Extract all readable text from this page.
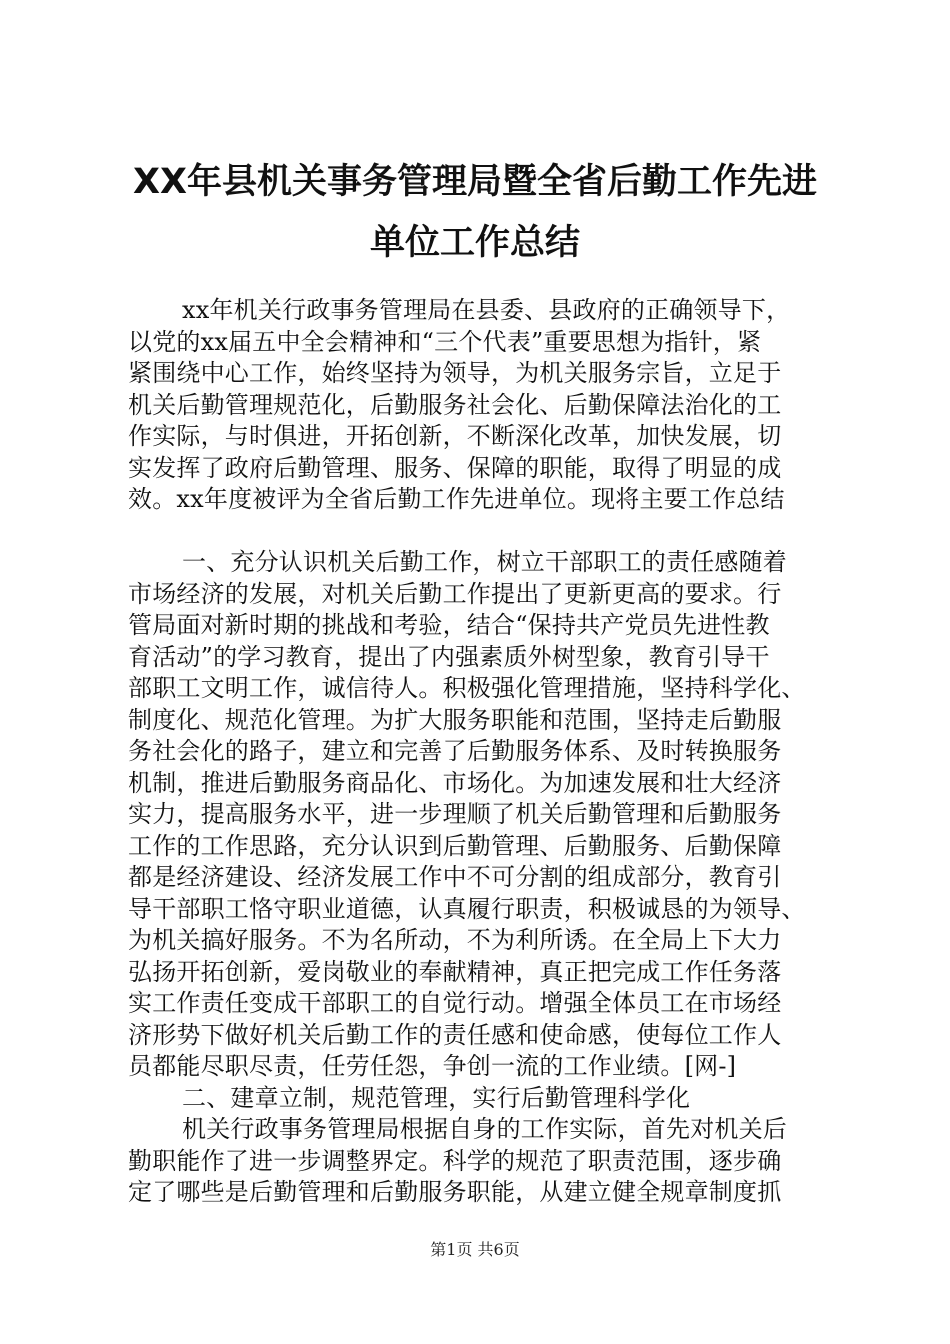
XX年县机关事务管理局暨全省后勤工作先进
单位工作总结
xx年机关行政事务管理局在县委、县政府的正确领导下，
以党的xx届五中全会精神和“三个代表”重要思想为指针，紧
紧围绕中心工作，始终坚持为领导，为机关服务宗旨，立足于
机关后勤管理规范化，后勤服务社会化、后勤保障法治化的工
作实际，与时俱进，开拓创新，不断深化改革，加快发展，切
实发挥了政府后勤管理、服务、保障的职能，取得了明显的成
效。xx年度被评为全省后勤工作先进单位。现将主要工作总结
一、充分认识机关后勤工作，树立干部职工的责任感随着
市场经济的发展，对机关后勤工作提出了更新更高的要求。行
管局面对新时期的挑战和考验，结合“保持共产党员先进性教
育活动”的学习教育，提出了内强素质外树型象，教育引导干
部职工文明工作，诚信待人。积极强化管理措施，坚持科学化、
制度化、规范化管理。为扩大服务职能和范围，坚持走后勤服
务社会化的路子，建立和完善了后勤服务体系、及时转换服务
机制，推进后勤服务商品化、市场化。为加速发展和壮大经济
实力，提高服务水平，进一步理顺了机关后勤管理和后勤服务
工作的工作思路，充分认识到后勤管理、后勤服务、后勤保障
都是经济建设、经济发展工作中不可分割的组成部分，教育引
导干部职工恪守职业道德，认真履行职责，积极诚恳的为领导、
为机关搞好服务。不为名所动，不为利所诱。在全局上下大力
弘扬开拓创新，爱岗敬业的奉献精神，真正把完成工作任务落
实工作责任变成干部职工的自觉行动。增强全体员工在市场经
济形势下做好机关后勤工作的责任感和使命感，使每位工作人
员都能尽职尽责，任劳任怨，争创一流的工作业绩。[网-]
二、建章立制，规范管理，实行后勤管理科学化
机关行政事务管理局根据自身的工作实际，首先对机关后
勤职能作了进一步调整界定。科学的规范了职责范围，逐步确
定了哪些是后勤管理和后勤服务职能，从建立健全规章制度抓
第1页 共6页
